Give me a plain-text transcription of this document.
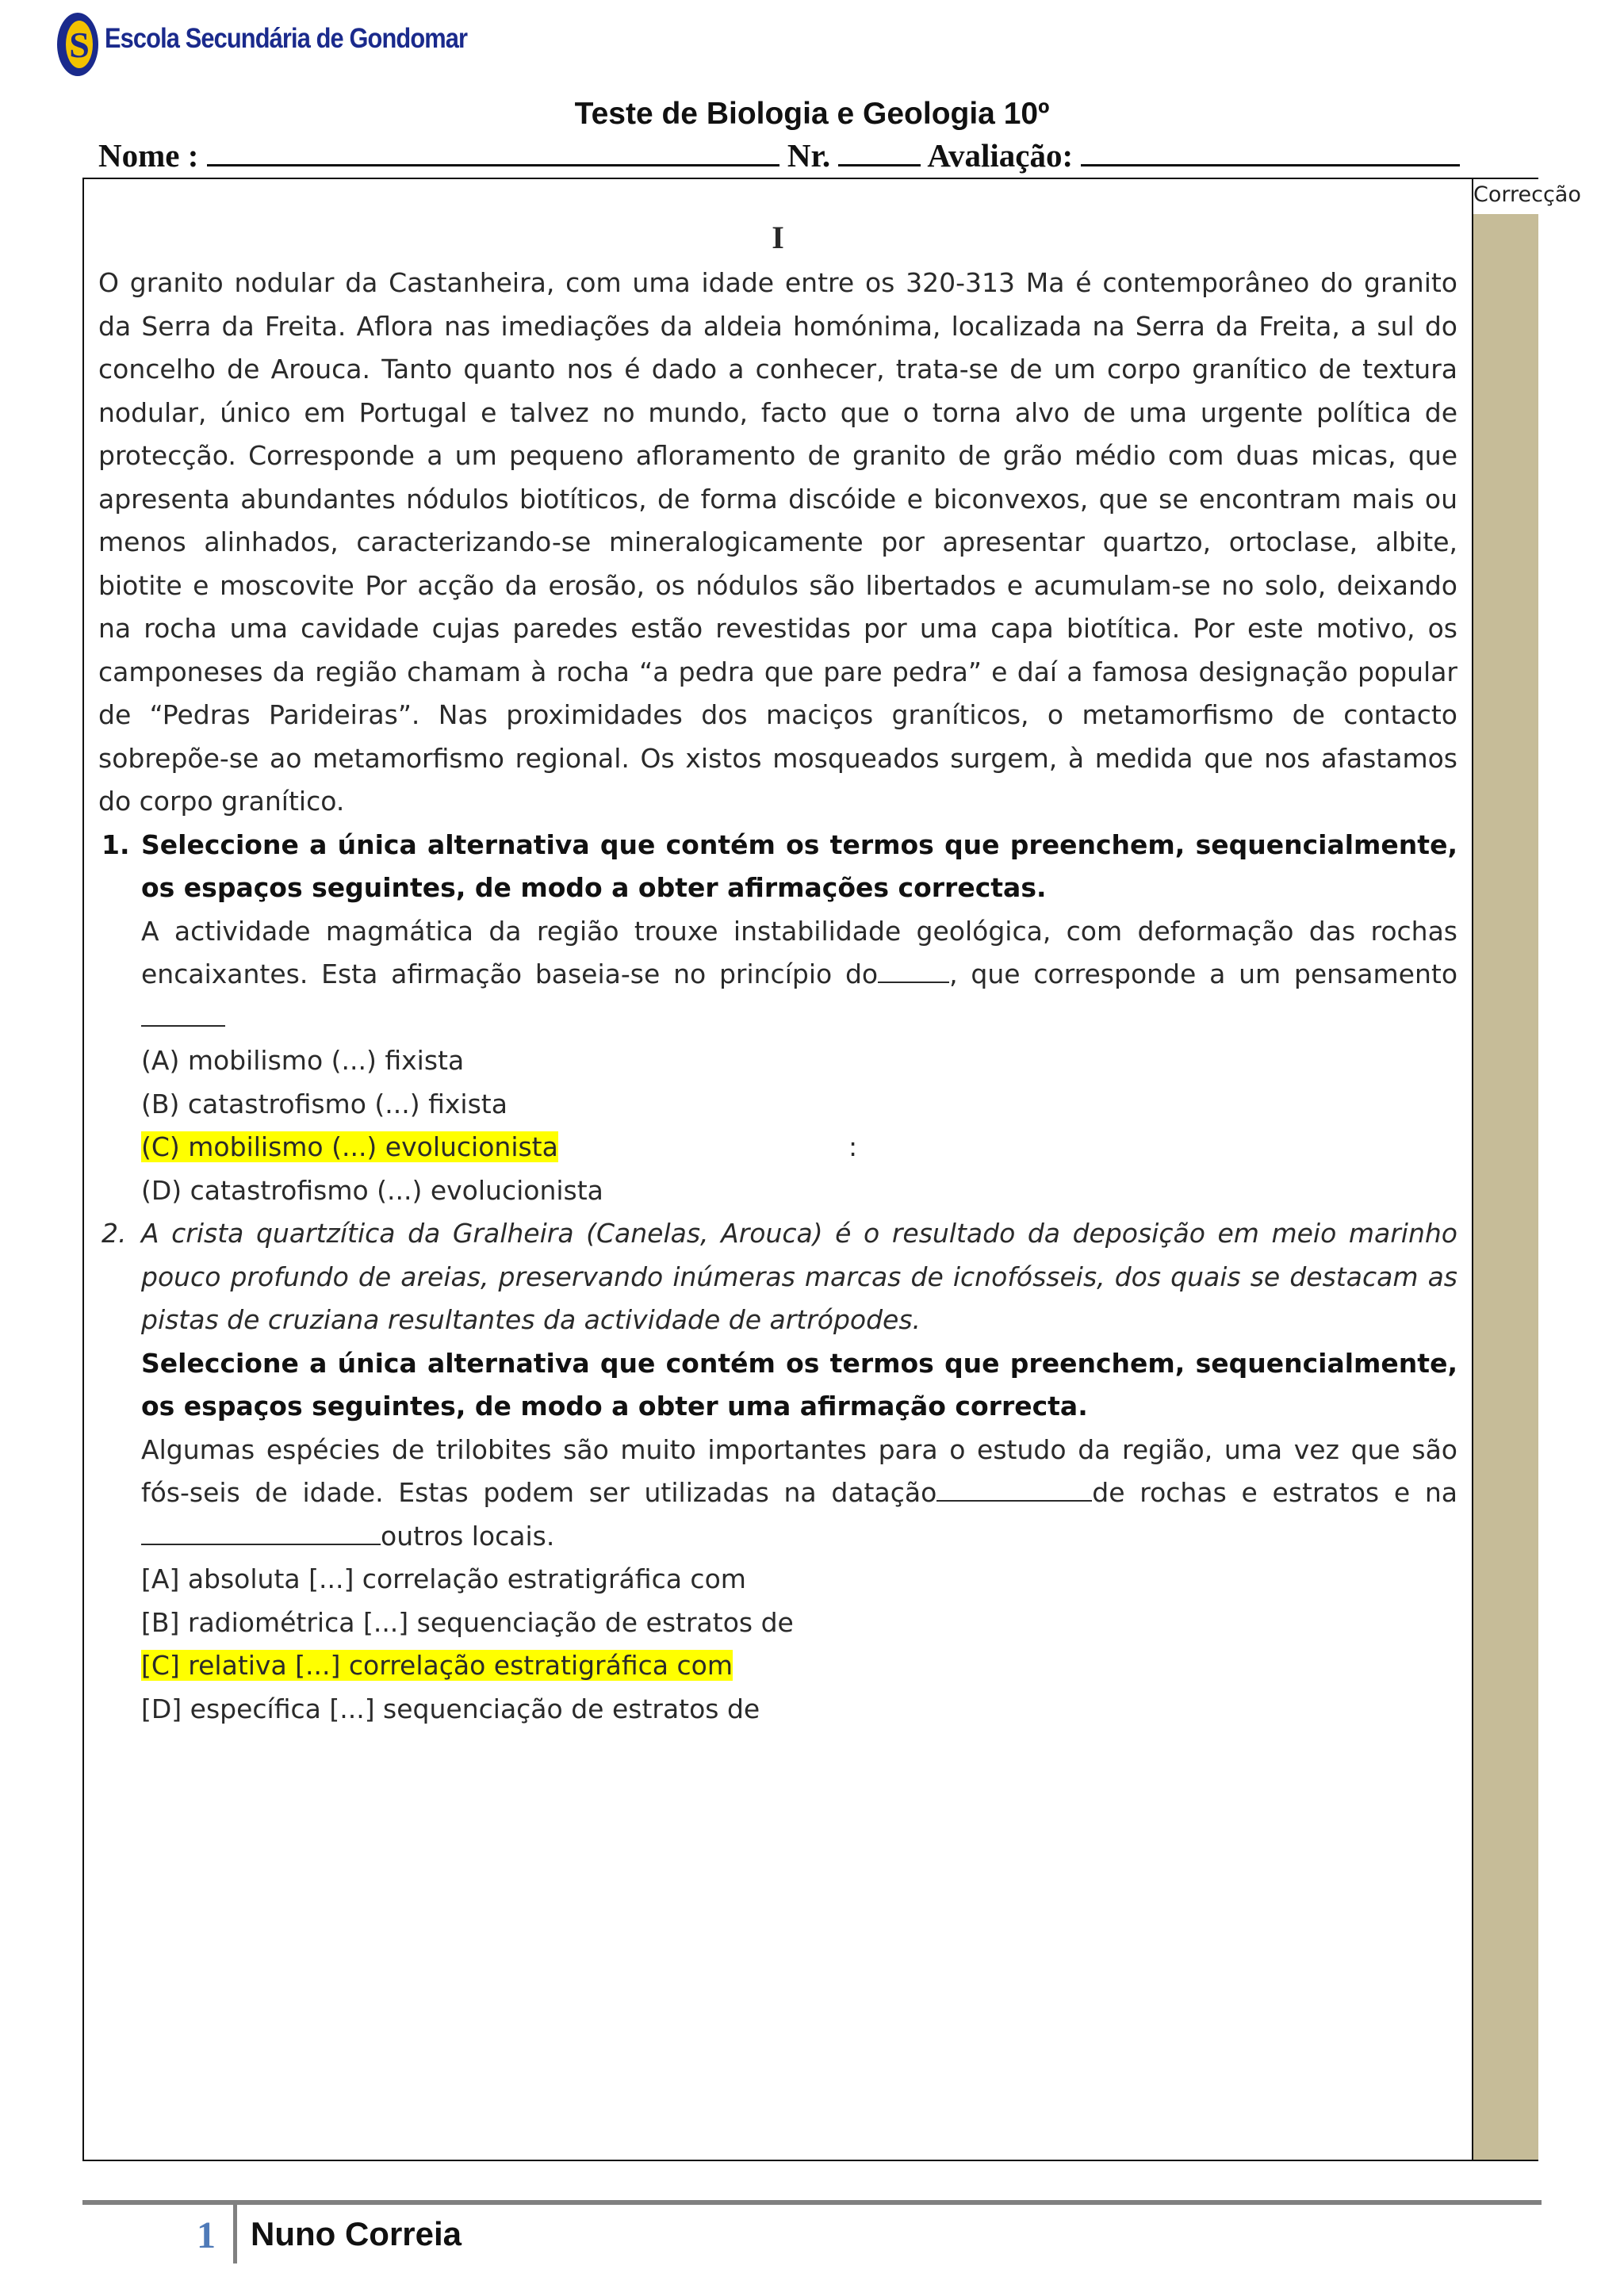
S Escola Secundária de Gondomar
Teste de Biologia e Geologia 10º
Nome :	Nr.	Avaliação:
Correcção
I
O granito nodular da Castanheira, com uma idade entre os 320-313 Ma é contemporâneo do granito da Serra da Freita. Aflora nas imediações da aldeia homónima, localizada na Serra da Freita, a sul do concelho de Arouca. Tanto quanto nos é dado a conhecer, trata-se de um corpo granítico de textura nodular, único em Portugal e talvez no mundo, facto que o torna alvo de uma urgente política de protecção. Corresponde a um pequeno afloramento de granito de grão médio com duas micas, que apresenta abundantes nódulos biotíticos, de forma discóide e biconvexos, que se encontram mais ou menos alinhados, caracterizando-se mineralogicamente por apresentar quartzo, ortoclase, albite, biotite e moscovite Por acção da erosão, os nódulos são libertados e acumulam-se no solo, deixando na rocha uma cavidade cujas paredes estão revestidas por uma capa biotítica. Por este motivo, os camponeses da região chamam à rocha “a pedra que pare pedra” e daí a famosa designação popular de “Pedras Parideiras”. Nas proximidades dos maciços graníticos, o metamorfismo de contacto sobrepõe-se ao metamorfismo regional. Os xistos mosqueados surgem, à medida que nos afastamos do corpo granítico.
1. Seleccione a única alternativa que contém os termos que preenchem, sequencialmente, os espaços seguintes, de modo a obter afirmações correctas.
A actividade magmática da região trouxe instabilidade geológica, com deformação das rochas encaixantes. Esta afirmação baseia-se no princípio do	, que corresponde a um pensamento
(A) mobilismo (...) fixista
(B) catastrofismo (...) fixista
(C) mobilismo (...) evolucionista	:
(D) catastrofismo (...) evolucionista
2. A crista quartzítica da Gralheira (Canelas, Arouca) é o resultado da deposição em meio marinho pouco profundo de areias, preservando inúmeras marcas de icnofósseis, dos quais se destacam as pistas de cruziana resultantes da actividade de artrópodes.
Seleccione a única alternativa que contém os termos que preenchem, sequencialmente, os espaços seguintes, de modo a obter uma afirmação correcta.
Algumas espécies de trilobites são muito importantes para o estudo da região, uma vez que são fós-seis de idade. Estas podem ser utilizadas na datação	de rochas e estratos e naoutros locais.
[A] absoluta [...] correlação estratigráfica com
[B] radiométrica [...] sequenciação de estratos de
[C] relativa [...] correlação estratigráfica com
[D] específica [...] sequenciação de estratos de
1 Nuno Correia
